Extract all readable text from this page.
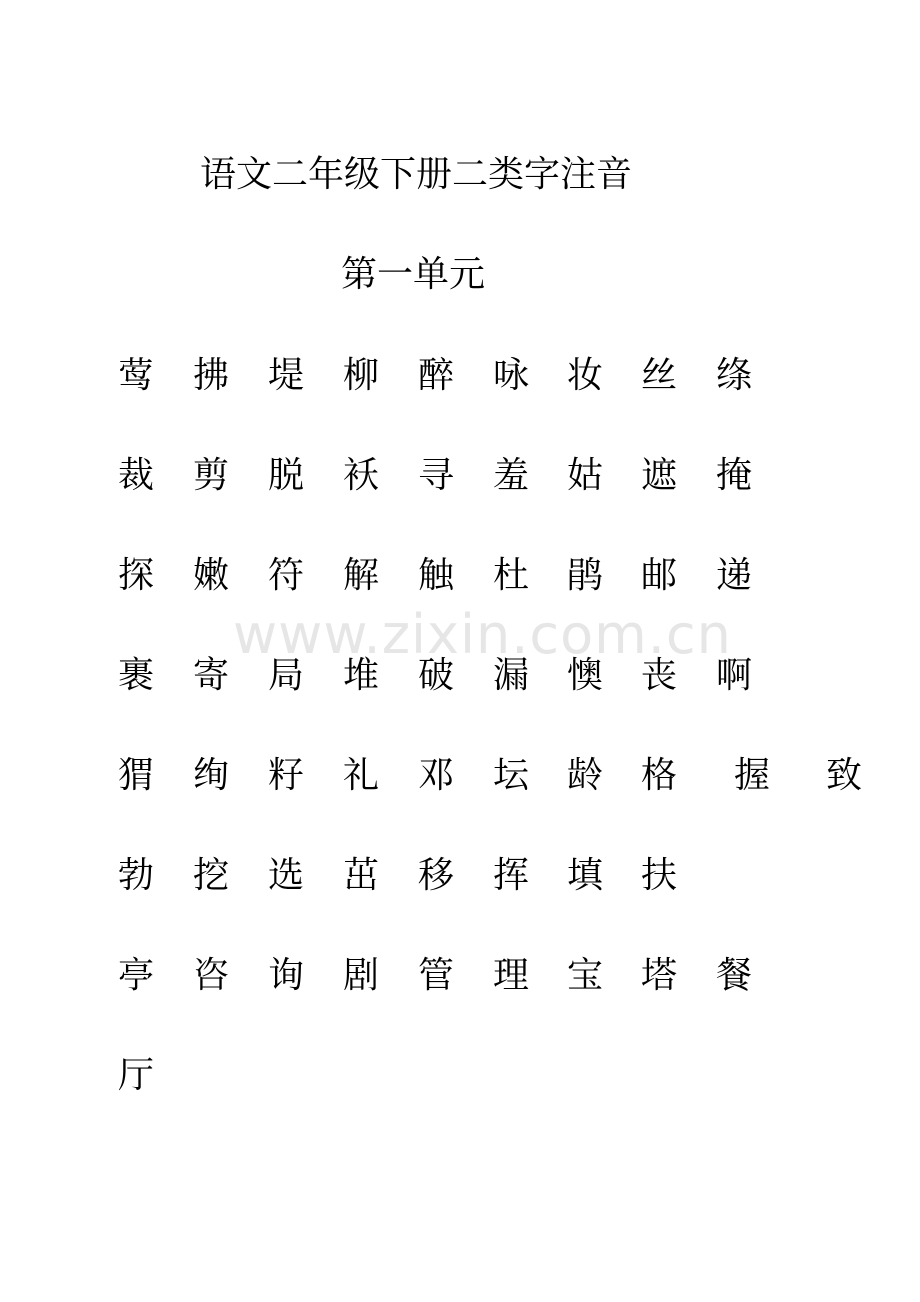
语文二年级下册二类字注音
第一单元
www.zixin.com.cn
莺 拂 堤 柳 醉 咏 妆 丝 绦
裁 剪 脱 袄 寻 羞 姑 遮 掩
探 嫩 符 解 触 杜 鹃 邮 递
裹 寄 局 堆 破 漏 懊 丧 啊
猬 绚 籽 礼 邓 坛 龄 格 握 致
勃 挖 选 茁 移 挥 填 扶
亭 咨 询 剧 管 理 宝 塔 餐
厅
